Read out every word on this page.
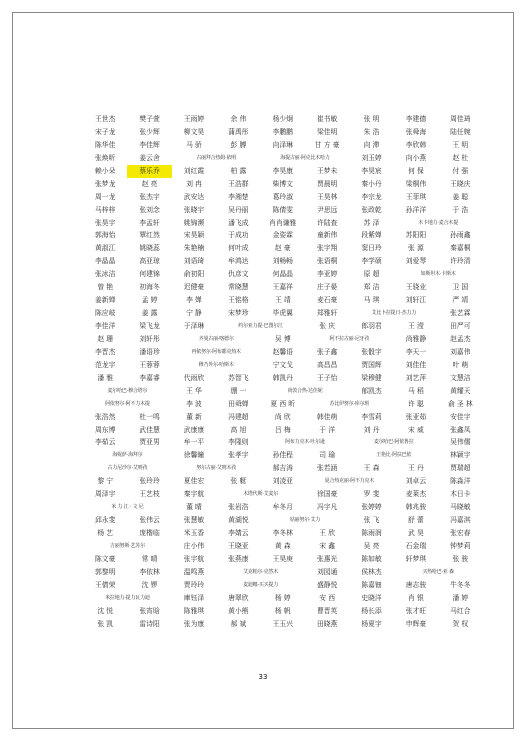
王世杰	樊子萱	王雨婷	余 伟	杨少炯	崔书敏	张 明	李建德	周佳琦
宋子龙	张少辉	柳文昊	蒲禹彤	李鹏鹏	梁佳明	朱 浩	张舜海	陆任婉
陈华佳	李佳辉	马 骄	彭 膊	向泽琳	甘 方 豪	向 滞	李欣韩	王 明
张焕昕	姜云舍	古丽拜合热姆·依明	海提古丽·阿克比木哈力	刘玉婷	向小燕	赵 杜
赖小朵	蔡乐乔	刘红霞	柏 露	李昊康	王梦未	李昊宸	何 保	付 强
张梦龙	赵 亮	刘 冉	王浩群	柴博文	贾晨明	秦小丹	梁桐伟	王晓庆
周一龙	张杰宇	武安达	李湘楚	葛玲淑	王昊林	李宗龙	王菲琪	姜 聪
马梓梓	张刘念	张晓宇	吴丹丽	陈倩雯	尹思远	张政乾	孙洋洋	于 浩
张昊宇	李孟轩	姚锦濒	潘飞成	肖肖谦雅	许陆查	苏 泽	木卡地力·麦合木提
郭海怡	覃红然	宋昊颖	于成功	金姿霖	童新伟	段紫婵	苏阳阳	孙雨鑫
黄淑江	姚晓蕊	朱艳楠	何叶成	赵 豪	张宇翔	窦日玲	张 源	秦嘉桐
李晶晶	高亚琼	刘语琦	牟鸿达	刘畅畅	张语桐	李学硕	刘爱琴	许玲清
张冰洁	何建锦	俞初阳	仇彦文	何晶晶	李亚婷	原 超	如斯坦木·卡斯木
曾 艳	初海冬	迟健豪	常晓慧	王嘉祥	庄子晏	郑 洁	王骁业	卫 国
姜新婵	孟 婷	李 婵	王铭格	王 靖	麦石豪	马 琪	刘轩江	严 靖
陈应岐	姜 露	宁 静	宋梦珍	毕虎翼	郑雅轩	艾比卜拉提日·杰力力	张艺霖
李佳洋	梁飞龙	于泽琳	约尔亚力提·巴图尔江	张 庆	郎羽君	王 滢	田严可
赵 珊	刘轩彤	齐曼古丽·喀德尔	吴 博	阿不拉古丽·尼牙孜	尚雅静	赵孟杰
李晋杰	潘语珍	再依努尔·阿布都克热木	赵馨语	张子鑫	张骰宇	李天一	刘嘉伟
范龙宇	王蓉蓉	穆乃外尔·哈斯木	宁文戈	高昌昌	贾国辉	刘佳佳	叶 萌
潘 雅	李嘉睿	代雨欣	苏智飞	韩凯丹	王子怡	梁穆健	刘艺萍	文慧洁
麦尔哈巴·穆合塔尔	王 华	绷 一	尚敦合热·达佳妮	郁凯杰	马 稻	黄耀天
阿依努尔·阿不力木提	李 波	田舜婵	夏 西 昕	苏比伊努尔·库尔班	许 聪	俞 圣 林
张浩然	杜一鸣	董 新	冯建超	尚 欣	韩佳萌	李雪莉	张亚茹	安佳宇
周东博	武佳慧	武康康	高 旭	吕 梅	于 洋	刘 丹	宋 威	张鑫凤
李茹云	贾亚男	牟一平	李隆则	阿布力克木·吐尔逊	麦尔哈巴·阿依鲁拉	吴伟儒
海妮萨·海拜尔	徐馨瞳	张孝宇	孙佳程	司 瑜	王艳比·阿扶巴依	林颖宇
古力尼沙尔·艾则孜	努尔古丽·艾则木孜	郝吉涛	张若涵	王 森	王 丹	贾瑞超
黎 宁	张玲玲	夏佳宏	张 艇	刘凌亚	夏合热克丽·阿不力克木	刘卓云	陈淼洋
周泽宇	王艺枝	秦宇航	木塔代斯·艾麦尔	徐国豪	罗 斐	麦莱杰	木日卡
米 力 江 · 文 尼	董 晴	张岩浩	牟冬月	冯宇凡	张婷婷	韩兆骏	马晓敏
邱永斐	张伟云	张慧敏	黄湖悦	姑丽努尔·艾力	张 飞	舒 蕾	冯嘉淇
杨 艺	庞楷临	米玉香	李婧云	李冬林	王 欣	陈雨润	武 昊	张宏春
吉丽努斯·艺苏尔	庄小伟	王晓亚	黄 森	宋 鑫	吴 亮	石金瑞	钟梦莉
陈文豪	常 晴	张宇航	张燕康	王昊庚	张惠光	陈如敏	轩梦琪	张 骏
郭黎明	李依林	温鸣燕	艾克帕尔·克然木	刘园通	侯林杰	买热哈巴·亚 森
王倩荣	沈 锣	贾玲玲	麦迪娜·买买提力	盛静悦	陈嘉钿	唐志骏	牛冬冬
米拉地力·提力瓦力迪	庫钰泽	唐翠欣	杨 婷	安 西	史晓洋	肖 银	潘 婷
沈 悦	张宵晗	陈雅琪	黄小熊	杨 帆	曹晋英	杨长添	张才旺	马红合
张 凯	雷诗阳	张为康	郝 斌	王玉兴	田晓燕	杨夏宇	申辉豪	贺 权
33
